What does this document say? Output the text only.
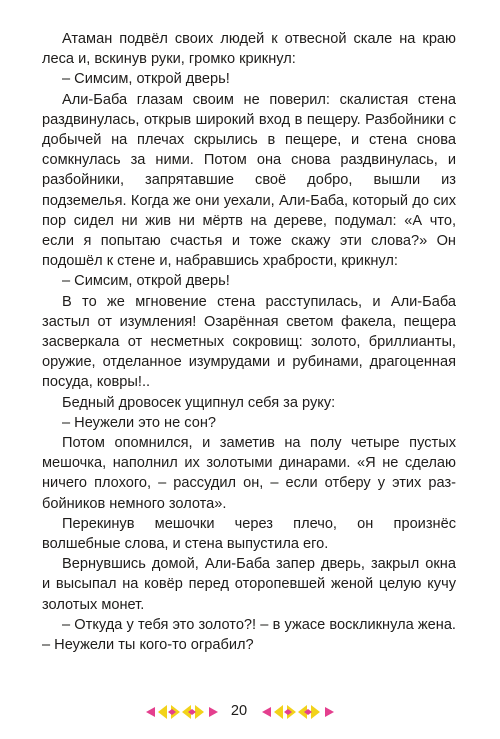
Атаман подвёл своих людей к отвесной скале на краю леса и, вскинув руки, громко крикнул:

– Симсим, открой дверь!

Али-Баба глазам своим не поверил: скалистая стена раздвинулась, открыв широкий вход в пещеру. Разбойники с добычей на плечах скрылись в пещере, и стена снова сомкнулась за ними. Потом она снова раздвинулась, и разбойники, запрятавшие своё добро, вышли из подземелья. Когда же они уехали, Али-Баба, который до сих пор сидел ни жив ни мёртв на дереве, подумал: «А что, если я попытаю счастья и тоже скажу эти слова?» Он подошёл к стене и, набравшись храбрости, крикнул:

– Симсим, открой дверь!

В то же мгновение стена расступилась, и Али-Баба застыл от изумления! Озарённая светом факела, пещера засверкала от несметных сокровищ: золото, бриллианты, оружие, отделанное изумрудами и рубинами, драгоценная посуда, ковры!..

Бедный дровосек ущипнул себя за руку:

– Неужели это не сон?

Потом опомнился, и заметив на полу четыре пустых мешочка, наполнил их золотыми динарами. «Я не сделаю ничего плохого, – рассудил он, – если отберу у этих раз-бойников немного золота».

Перекинув мешочки через плечо, он произнёс волшебные слова, и стена выпустила его.

Вернувшись домой, Али-Баба запер дверь, закрыл окна и высыпал на ковёр перед оторопевшей женой целую кучу золотых монет.

– Откуда у тебя это золото?! – в ужасе воскликнула жена. – Неужели ты кого-то ограбил?

20
